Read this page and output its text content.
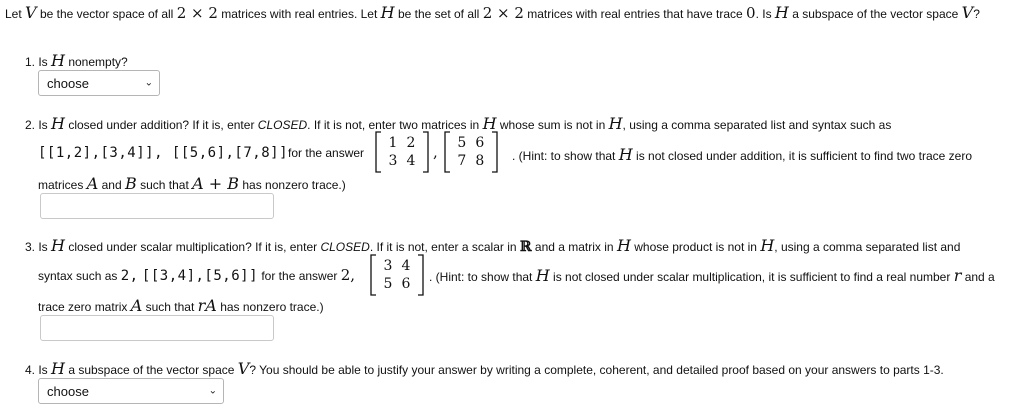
Let V be the vector space of all 2 × 2 matrices with real entries. Let H be the set of all 2 × 2 matrices with real entries that have trace 0. Is H a subspace of the vector space V?
1. Is H nonempty?
choose	⌄
2. Is H closed under addition? If it is, enter CLOSED. If it is not, enter two matrices in H whose sum is not in H, using a comma separated list and syntax such as
[[1,2],[3,4]], [[5,6],[7,8]]for the answer
1 2
3 4 , 5 6
7 8 . (Hint: to show that H is not closed under addition, it is sufficient to find two trace zero
matrices A and B such that A + B has nonzero trace.)
3. Is H closed under scalar multiplication? If it is, enter CLOSED. If it is not, enter a scalar in ℝ and a matrix in H whose product is not in H, using a comma separated list and
syntax such as 2, [[3,4],[5,6]] for the answer 2, 3 4
5 6 . (Hint: to show that H is not closed under scalar multiplication, it is sufficient to find a real number r and a
trace zero matrix A such that rA has nonzero trace.)
4. Is H a subspace of the vector space V? You should be able to justify your answer by writing a complete, coherent, and detailed proof based on your answers to parts 1-3.
choose	⌄
